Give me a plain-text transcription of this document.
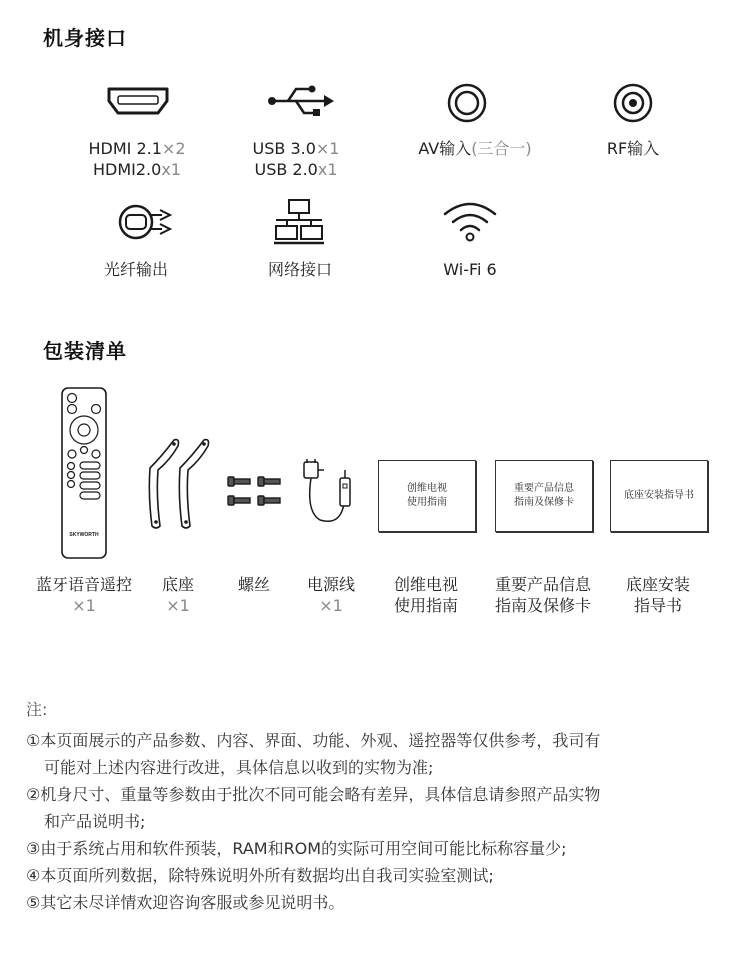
机身接口
HDMI 2.1×2
HDMI2.0x1
USB 3.0×1
USB 2.0x1
AV输入(三合一)	RF输入
光纤输出	网络接口	Wi-Fi 6
包装清单
SKYWORTH
创维电视
使用指南
重要产品信息
指南及保修卡
底座安装指导书
蓝牙语音遥控
×1
底座
×1
螺丝	电源线
×1
创维电视
使用指南
重要产品信息
指南及保修卡
底座安装
指导书
注:
①本页面展示的产品参数、内容、界面、功能、外观、遥控器等仅供参考，我司有
可能对上述内容进行改进，具体信息以收到的实物为准;
②机身尺寸、重量等参数由于批次不同可能会略有差异，具体信息请参照产品实物
和产品说明书;
③由于系统占用和软件预装，RAM和ROM的实际可用空间可能比标称容量少;
④本页面所列数据，除特殊说明外所有数据均出自我司实验室测试;
⑤其它未尽详情欢迎咨询客服或参见说明书。
